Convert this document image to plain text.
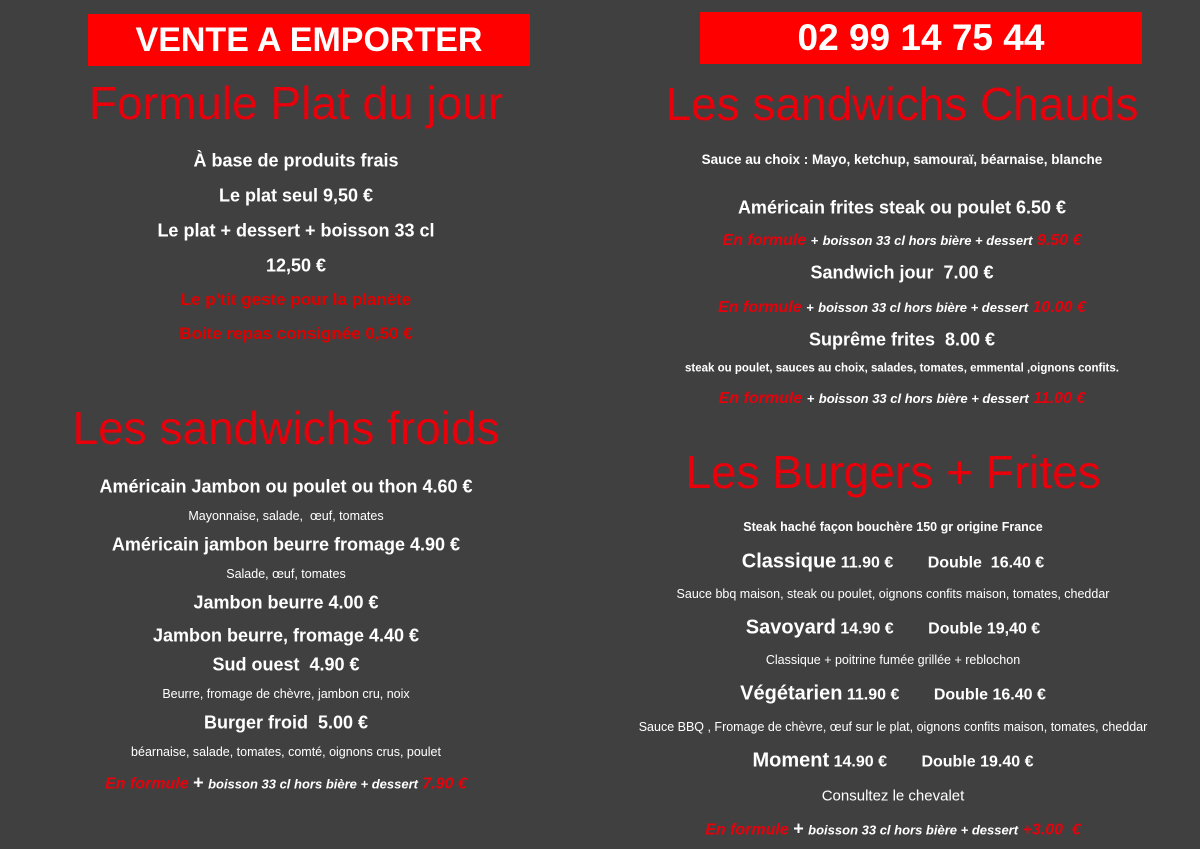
VENTE A EMPORTER	02 99 14 75 44
Formule Plat du jour
À base de produits frais
Le plat seul 9,50 €
Le plat + dessert + boisson 33 cl
12,50 €
Le p’tit geste pour la planète
Boite repas consignée 0,50 €
Les sandwichs froids
Américain Jambon ou poulet ou thon 4.60 €
Mayonnaise, salade,  œuf, tomates
Américain jambon beurre fromage 4.90 €
Salade, œuf, tomates
Jambon beurre 4.00 €
Jambon beurre, fromage 4.40 €
Sud ouest  4.90 €
Beurre, fromage de chèvre, jambon cru, noix
Burger froid  5.00 €
béarnaise, salade, tomates, comté, oignons crus, poulet
En formule + boisson 33 cl hors bière + dessert 7.90 €
Les sandwichs Chauds
Sauce au choix : Mayo, ketchup, samouraï, béarnaise, blanche
Américain frites steak ou poulet 6.50 €
En formule + boisson 33 cl hors bière + dessert 9.50 €
Sandwich jour  7.00 €
En formule + boisson 33 cl hors bière + dessert 10.00 €
Suprême frites  8.00 €
steak ou poulet, sauces au choix, salades, tomates, emmental ,oignons confits.
En formule + boisson 33 cl hors bière + dessert 11.00 €
Les Burgers + Frites
Steak haché façon bouchère 150 gr origine France
Classique 11.90 € Double  16.40 €
Sauce bbq maison, steak ou poulet, oignons confits maison, tomates, cheddar
Savoyard 14.90 € Double 19,40 €
Classique + poitrine fumée grillée + reblochon
Végétarien 11.90 € Double 16.40 €
Sauce BBQ , Fromage de chèvre, œuf sur le plat, oignons confits maison, tomates, cheddar
Moment 14.90 € Double 19.40 €
Consultez le chevalet
En formule + boisson 33 cl hors bière + dessert +3.00  €
